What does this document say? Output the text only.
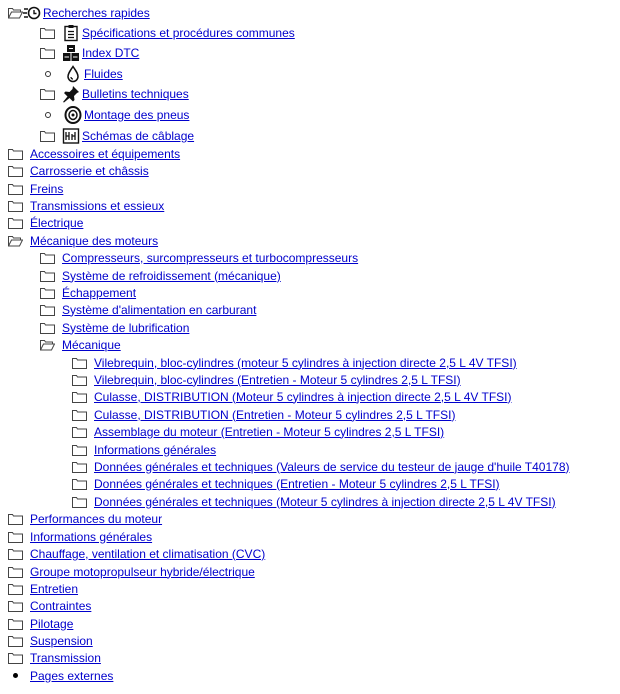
Recherches rapides
Spécifications et procédures communes
Index DTC
Fluides
Bulletins techniques
Montage des pneus
Schémas de câblage
Accessoires et équipements
Carrosserie et châssis
Freins
Transmissions et essieux
Électrique
Mécanique des moteurs
Compresseurs, surcompresseurs et turbocompresseurs
Système de refroidissement (mécanique)
Échappement
Système d'alimentation en carburant
Système de lubrification
Mécanique
Vilebrequin, bloc-cylindres (moteur 5 cylindres à injection directe 2,5 L 4V TFSI)
Vilebrequin, bloc-cylindres (Entretien - Moteur 5 cylindres 2,5 L TFSI)
Culasse, DISTRIBUTION (Moteur 5 cylindres à injection directe 2,5 L 4V TFSI)
Culasse, DISTRIBUTION (Entretien - Moteur 5 cylindres 2,5 L TFSI)
Assemblage du moteur (Entretien - Moteur 5 cylindres 2,5 L TFSI)
Informations générales
Données générales et techniques (Valeurs de service du testeur de jauge d'huile T40178)
Données générales et techniques (Entretien - Moteur 5 cylindres 2,5 L TFSI)
Données générales et techniques (Moteur 5 cylindres à injection directe 2,5 L 4V TFSI)
Performances du moteur
Informations générales
Chauffage, ventilation et climatisation (CVC)
Groupe motopropulseur hybride/électrique
Entretien
Contraintes
Pilotage
Suspension
Transmission
Pages externes
